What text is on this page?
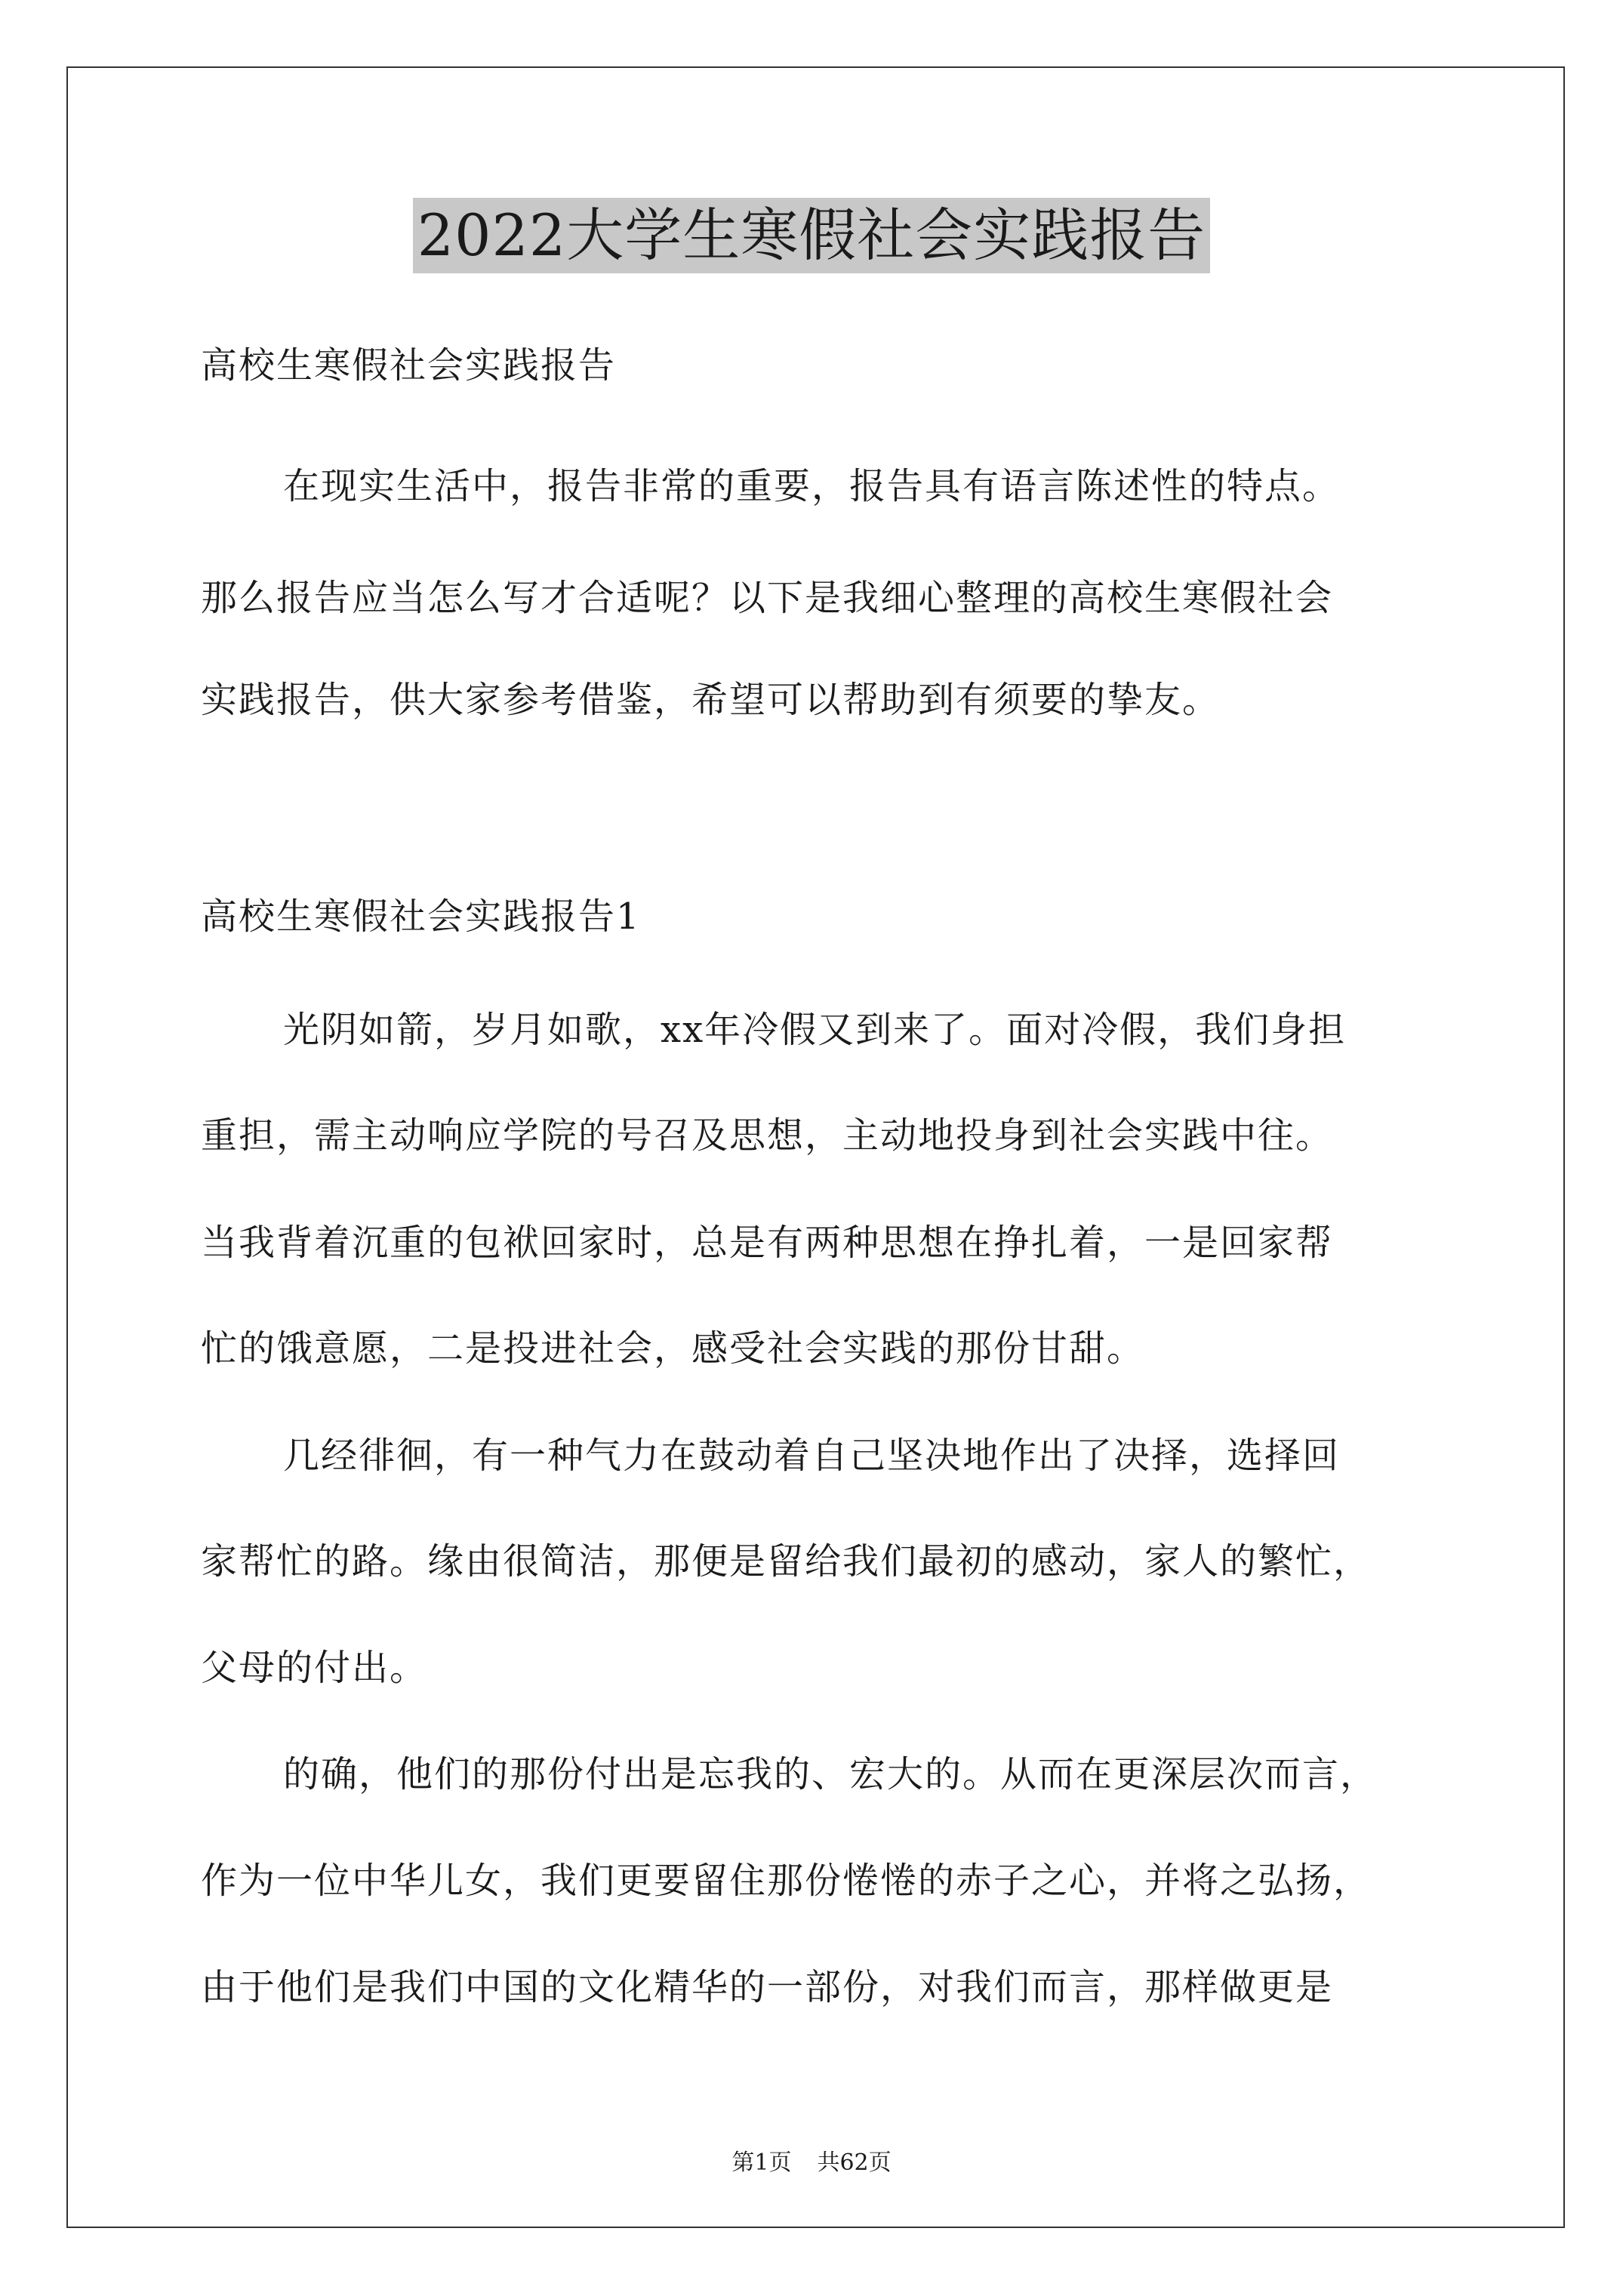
2022大学生寒假社会实践报告
高校生寒假社会实践报告
在现实生活中，报告非常的重要，报告具有语言陈述性的特点。
那么报告应当怎么写才合适呢？以下是我细心整理的高校生寒假社会
实践报告，供大家参考借鉴，希望可以帮助到有须要的挚友。
高校生寒假社会实践报告1
光阴如箭，岁月如歌，xx年冷假又到来了。面对冷假，我们身担
重担，需主动响应学院的号召及思想，主动地投身到社会实践中往。
当我背着沉重的包袱回家时，总是有两种思想在挣扎着，一是回家帮
忙的饿意愿，二是投进社会，感受社会实践的那份甘甜。
几经徘徊，有一种气力在鼓动着自己坚决地作出了决择，选择回
家帮忙的路。缘由很简洁，那便是留给我们最初的感动，家人的繁忙，
父母的付出。
的确，他们的那份付出是忘我的、宏大的。从而在更深层次而言，
作为一位中华儿女，我们更要留住那份惓惓的赤子之心，并将之弘扬，
由于他们是我们中国的文化精华的一部份，对我们而言，那样做更是
第1页 共62页
